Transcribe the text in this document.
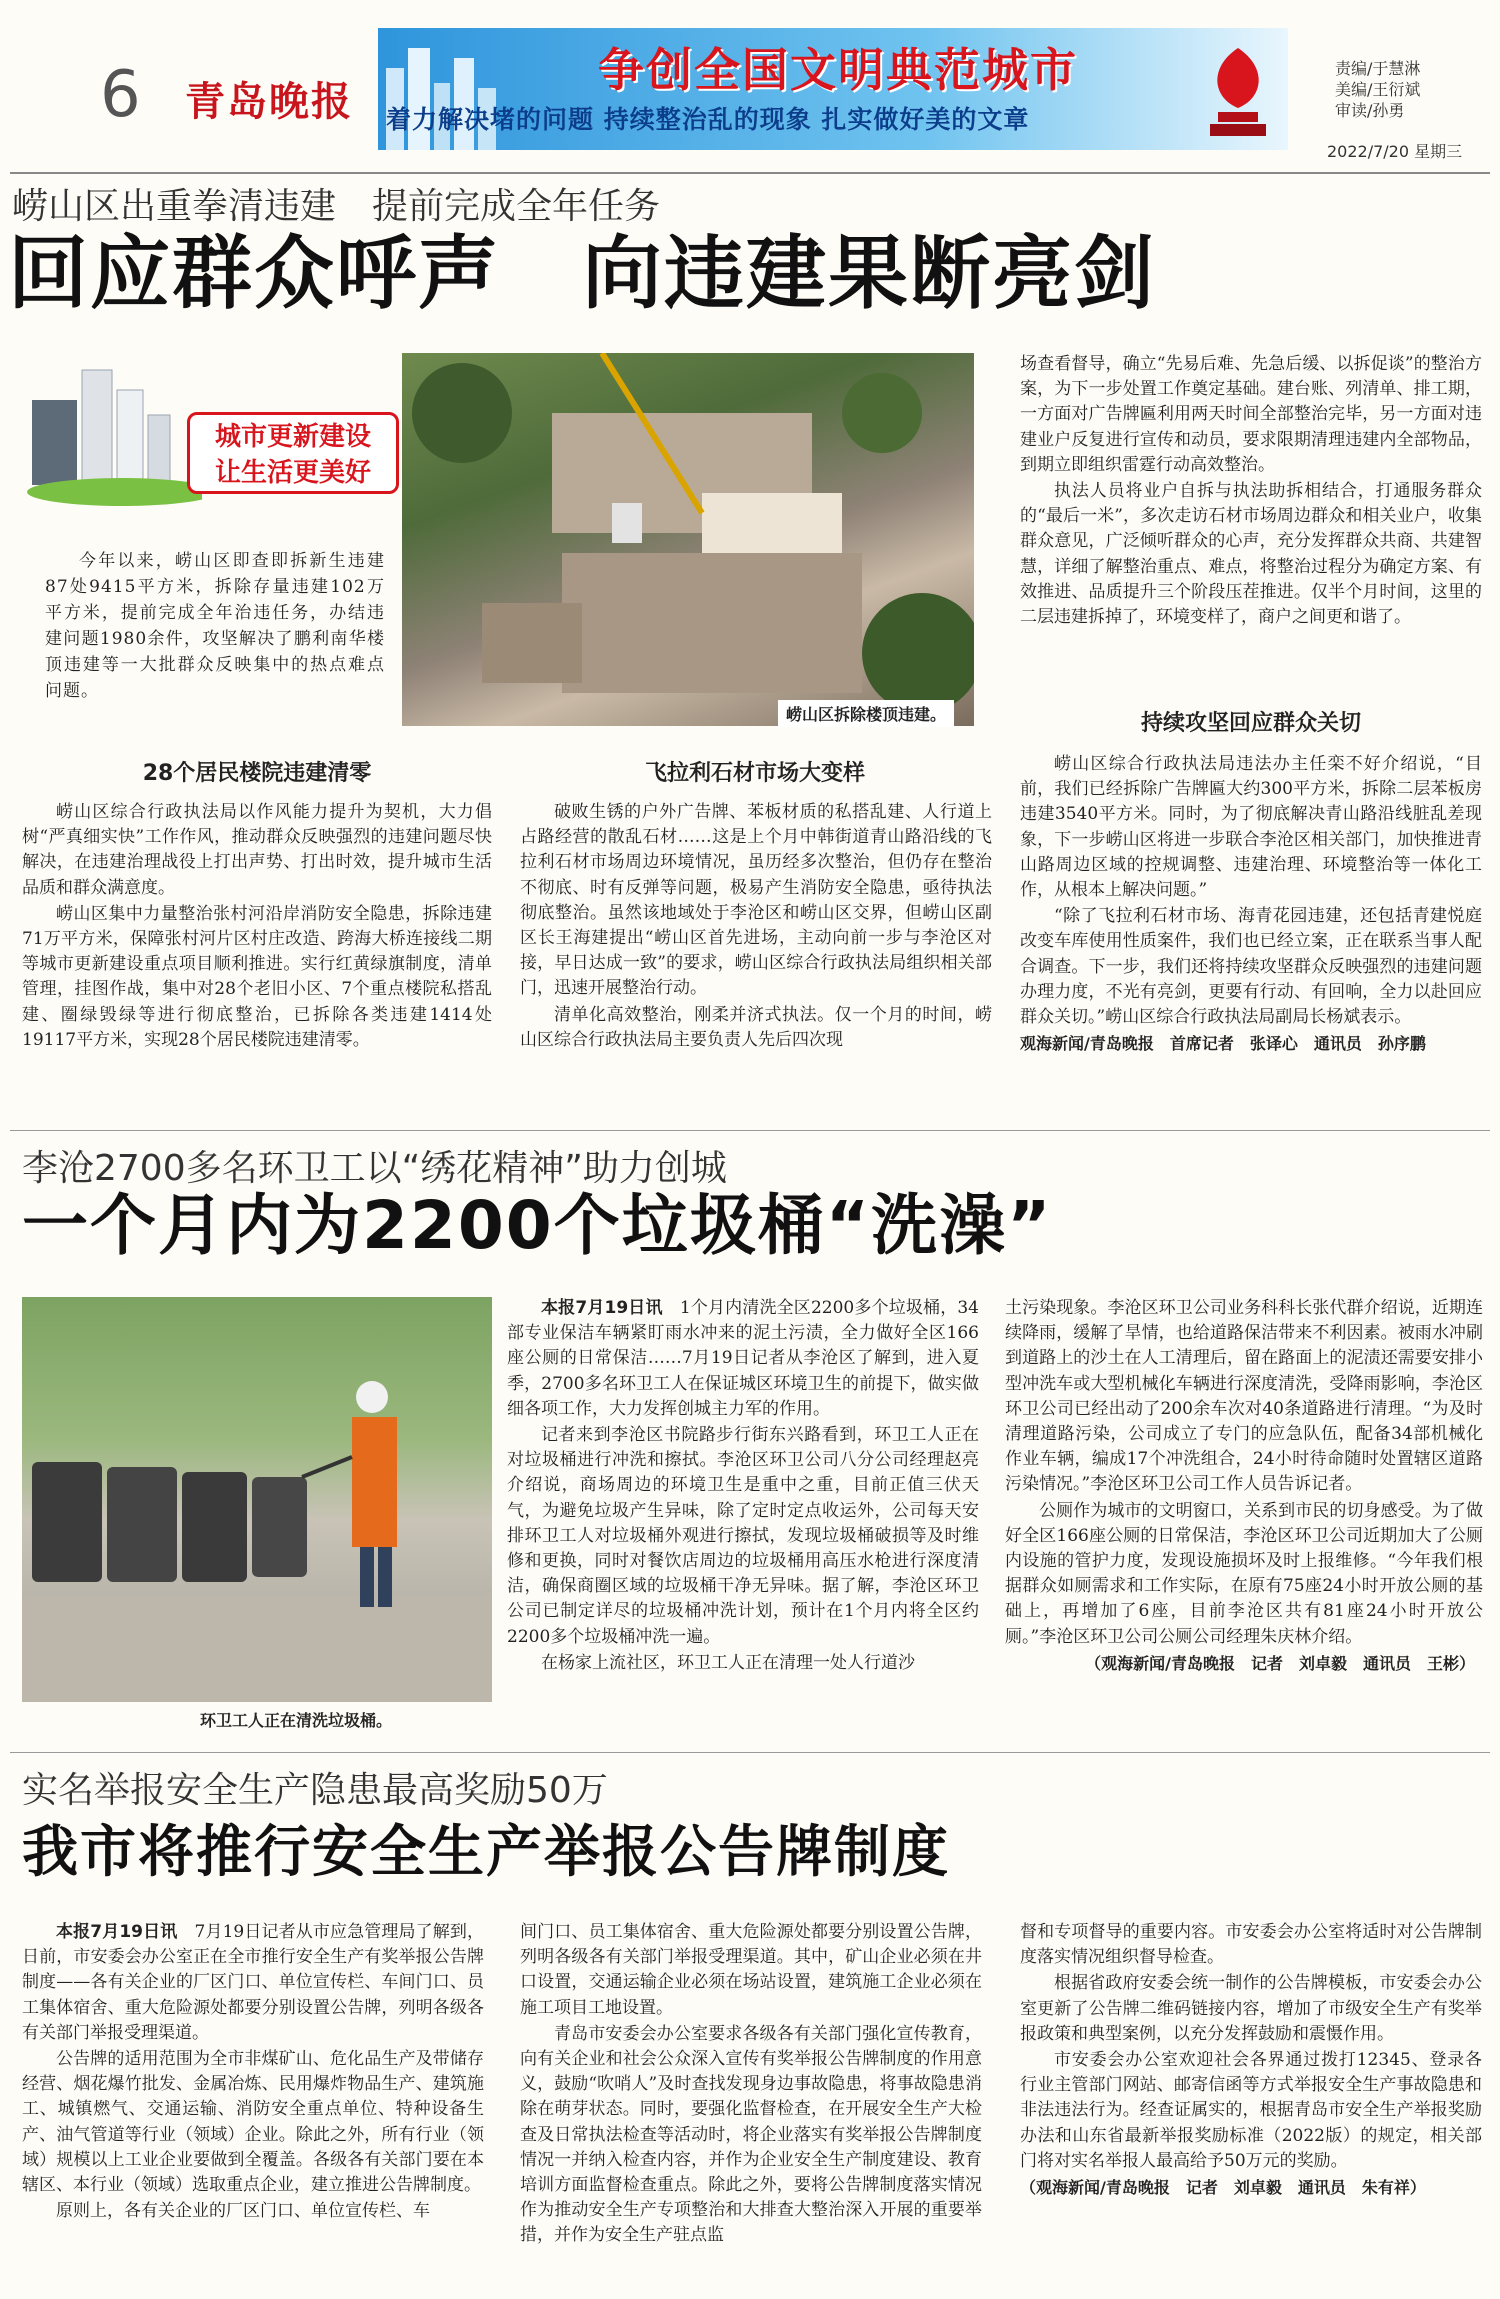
6 青岛晚报
争创全国文明典范城市
着力解决堵的问题 持续整治乱的现象 扎实做好美的文章
责编/于慧淋
美编/王衍斌
审读/孙勇
2022/7/20 星期三
崂山区出重拳清违建　提前完成全年任务
回应群众呼声　向违建果断亮剑
城市更新建设
让生活更美好

今年以来，崂山区即查即拆新生违建87处9415平方米，拆除存量违建102万平方米，提前完成全年治违任务，办结违建问题1980余件，攻坚解决了鹏利南华楼顶违建等一大批群众反映集中的热点难点问题。

崂山区拆除楼顶违建。

场查看督导，确立“先易后难、先急后缓、以拆促谈”的整治方案，为下一步处置工作奠定基础。建台账、列清单、排工期，一方面对广告牌匾利用两天时间全部整治完毕，另一方面对违建业户反复进行宣传和动员，要求限期清理违建内全部物品，到期立即组织雷霆行动高效整治。

执法人员将业户自拆与执法助拆相结合，打通服务群众的“最后一米”，多次走访石材市场周边群众和相关业户，收集群众意见，广泛倾听群众的心声，充分发挥群众共商、共建智慧，详细了解整治重点、难点，将整治过程分为确定方案、有效推进、品质提升三个阶段压茬推进。仅半个月时间，这里的二层违建拆掉了，环境变样了，商户之间更和谐了。

28个居民楼院违建清零	飞拉利石材市场大变样
持续攻坚回应群众关切

崂山区综合行政执法局以作风能力提升为契机，大力倡树“严真细实快”工作作风，推动群众反映强烈的违建问题尽快解决，在违建治理战役上打出声势、打出时效，提升城市生活品质和群众满意度。

崂山区集中力量整治张村河沿岸消防安全隐患，拆除违建71万平方米，保障张村河片区村庄改造、跨海大桥连接线二期等城市更新建设重点项目顺利推进。实行红黄绿旗制度，清单管理，挂图作战，集中对28个老旧小区、7个重点楼院私搭乱建、圈绿毁绿等进行彻底整治，已拆除各类违建1414处19117平方米，实现28个居民楼院违建清零。

破败生锈的户外广告牌、苯板材质的私搭乱建、人行道上占路经营的散乱石材……这是上个月中韩街道青山路沿线的飞拉利石材市场周边环境情况，虽历经多次整治，但仍存在整治不彻底、时有反弹等问题，极易产生消防安全隐患，亟待执法彻底整治。虽然该地域处于李沧区和崂山区交界，但崂山区副区长王海建提出“崂山区首先进场，主动向前一步与李沧区对接，早日达成一致”的要求，崂山区综合行政执法局组织相关部门，迅速开展整治行动。

清单化高效整治，刚柔并济式执法。仅一个月的时间，崂山区综合行政执法局主要负责人先后四次现

崂山区综合行政执法局违法办主任栾不好介绍说，“目前，我们已经拆除广告牌匾大约300平方米，拆除二层苯板房违建3540平方米。同时，为了彻底解决青山路沿线脏乱差现象，下一步崂山区将进一步联合李沧区相关部门，加快推进青山路周边区域的控规调整、违建治理、环境整治等一体化工作，从根本上解决问题。”

“除了飞拉利石材市场、海青花园违建，还包括青建悦庭改变车库使用性质案件，我们也已经立案，正在联系当事人配合调查。下一步，我们还将持续攻坚群众反映强烈的违建问题办理力度，不光有亮剑，更要有行动、有回响，全力以赴回应群众关切。”崂山区综合行政执法局副局长杨斌表示。

观海新闻/青岛晚报　首席记者　张译心　通讯员　孙序鹏

李沧2700多名环卫工以“绣花精神”助力创城
一个月内为2200个垃圾桶“洗澡”
环卫工人正在清洗垃圾桶。

本报7月19日讯　 1个月内清洗全区2200多个垃圾桶，34部专业保洁车辆紧盯雨水冲来的泥土污渍，全力做好全区166座公厕的日常保洁……7月19日记者从李沧区了解到，进入夏季，2700多名环卫工人在保证城区环境卫生的前提下，做实做细各项工作，大力发挥创城主力军的作用。

记者来到李沧区书院路步行街东兴路看到，环卫工人正在对垃圾桶进行冲洗和擦拭。李沧区环卫公司八分公司经理赵亮介绍说，商场周边的环境卫生是重中之重，目前正值三伏天气，为避免垃圾产生异味，除了定时定点收运外，公司每天安排环卫工人对垃圾桶外观进行擦拭，发现垃圾桶破损等及时维修和更换，同时对餐饮店周边的垃圾桶用高压水枪进行深度清洁，确保商圈区域的垃圾桶干净无异味。据了解，李沧区环卫公司已制定详尽的垃圾桶冲洗计划，预计在1个月内将全区约2200多个垃圾桶冲洗一遍。

在杨家上流社区，环卫工人正在清理一处人行道沙

土污染现象。李沧区环卫公司业务科科长张代群介绍说，近期连续降雨，缓解了旱情，也给道路保洁带来不利因素。被雨水冲刷到道路上的沙土在人工清理后，留在路面上的泥渍还需要安排小型冲洗车或大型机械化车辆进行深度清洗，受降雨影响，李沧区环卫公司已经出动了200余车次对40条道路进行清理。“为及时清理道路污染，公司成立了专门的应急队伍，配备34部机械化作业车辆，编成17个冲洗组合，24小时待命随时处置辖区道路污染情况。”李沧区环卫公司工作人员告诉记者。

公厕作为城市的文明窗口，关系到市民的切身感受。为了做好全区166座公厕的日常保洁，李沧区环卫公司近期加大了公厕内设施的管护力度，发现设施损坏及时上报维修。“今年我们根据群众如厕需求和工作实际，在原有75座24小时开放公厕的基础上，再增加了6座，目前李沧区共有81座24小时开放公厕。”李沧区环卫公司公厕公司经理朱庆林介绍。

（观海新闻/青岛晚报　记者　刘卓毅　通讯员　王彬）

实名举报安全生产隐患最高奖励50万
我市将推行安全生产举报公告牌制度

本报7月19日讯　 7月19日记者从市应急管理局了解到，日前，市安委会办公室正在全市推行安全生产有奖举报公告牌制度——各有关企业的厂区门口、单位宣传栏、车间门口、员工集体宿舍、重大危险源处都要分别设置公告牌，列明各级各有关部门举报受理渠道。

公告牌的适用范围为全市非煤矿山、危化品生产及带储存经营、烟花爆竹批发、金属冶炼、民用爆炸物品生产、建筑施工、城镇燃气、交通运输、消防安全重点单位、特种设备生产、油气管道等行业（领域）企业。除此之外，所有行业（领域）规模以上工业企业要做到全覆盖。各级各有关部门要在本辖区、本行业（领域）选取重点企业，建立推进公告牌制度。

原则上，各有关企业的厂区门口、单位宣传栏、车

间门口、员工集体宿舍、重大危险源处都要分别设置公告牌，列明各级各有关部门举报受理渠道。其中，矿山企业必须在井口设置，交通运输企业必须在场站设置，建筑施工企业必须在施工项目工地设置。

青岛市安委会办公室要求各级各有关部门强化宣传教育，向有关企业和社会公众深入宣传有奖举报公告牌制度的作用意义，鼓励“吹哨人”及时查找发现身边事故隐患，将事故隐患消除在萌芽状态。同时，要强化监督检查，在开展安全生产大检查及日常执法检查等活动时，将企业落实有奖举报公告牌制度情况一并纳入检查内容，并作为企业安全生产制度建设、教育培训方面监督检查重点。除此之外，要将公告牌制度落实情况作为推动安全生产专项整治和大排查大整治深入开展的重要举措，并作为安全生产驻点监

督和专项督导的重要内容。市安委会办公室将适时对公告牌制度落实情况组织督导检查。

根据省政府安委会统一制作的公告牌模板，市安委会办公室更新了公告牌二维码链接内容，增加了市级安全生产有奖举报政策和典型案例，以充分发挥鼓励和震慑作用。

市安委会办公室欢迎社会各界通过拨打12345、登录各行业主管部门网站、邮寄信函等方式举报安全生产事故隐患和非法违法行为。经查证属实的，根据青岛市安全生产举报奖励办法和山东省最新举报奖励标准（2022版）的规定，相关部门将对实名举报人最高给予50万元的奖励。

（观海新闻/青岛晚报　记者　刘卓毅　通讯员　朱有祥）
